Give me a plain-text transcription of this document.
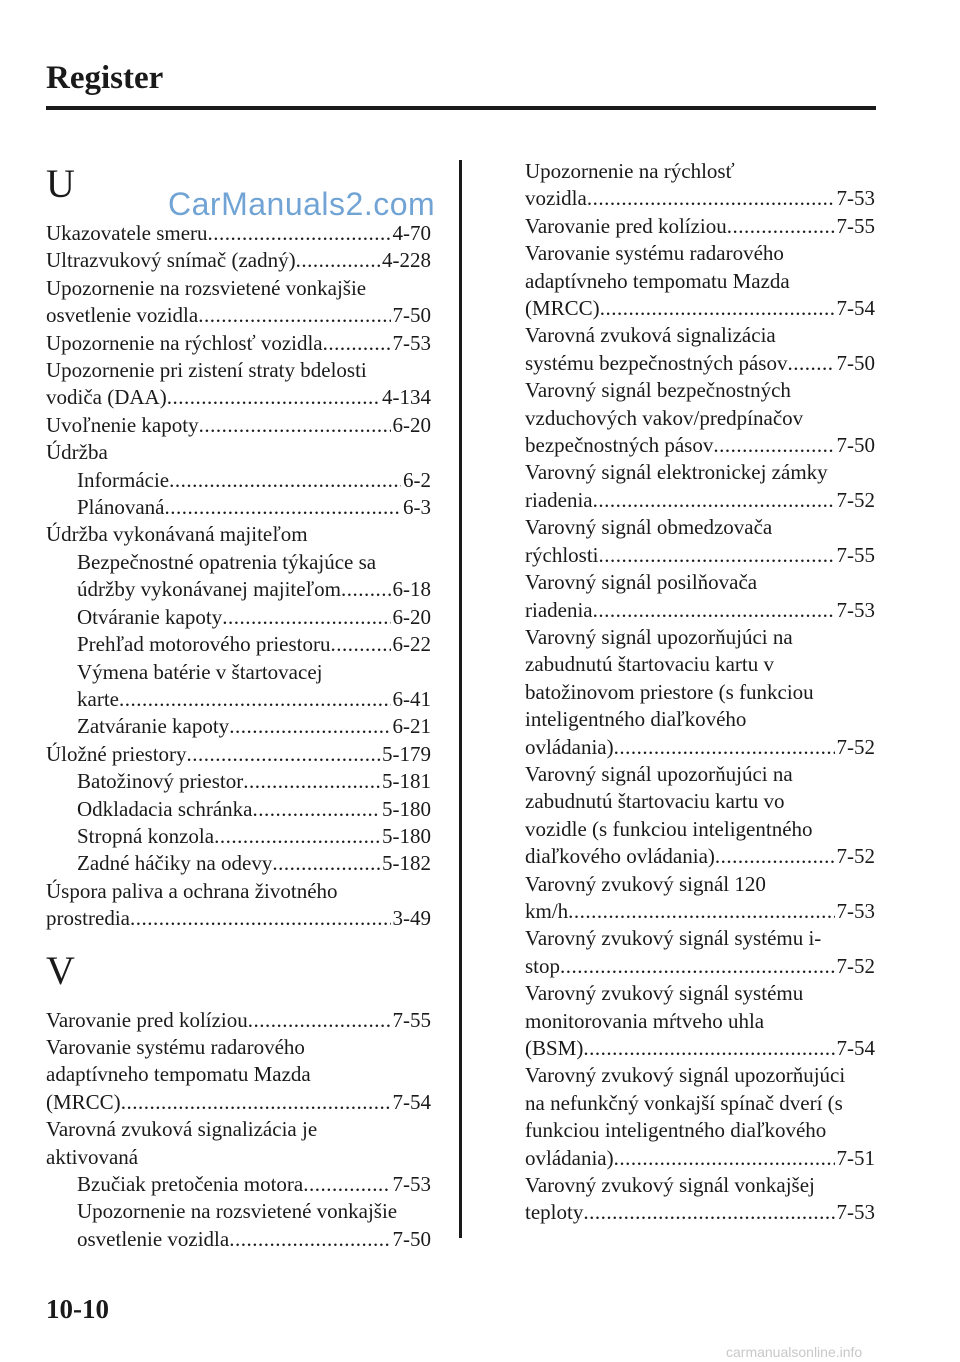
Register
U
Ukazovatele smeru .....	4-70
Ultrazvukový snímač (zadný) .....	4-228
Upozornenie na rozsvietené vonkajšie
osvetlenie vozidla .....	7-50
Upozornenie na rýchlosť vozidla .....	7-53
Upozornenie pri zistení straty bdelosti
vodiča (DAA) .....	4-134
Uvoľnenie kapoty .....	6-20
Údržba
Informácie .....	6-2
Plánovaná .....	6-3
Údržba vykonávaná majiteľom
Bezpečnostné opatrenia týkajúce sa
údržby vykonávanej majiteľom ..... 6-18
Otváranie kapoty .....	6-20
Prehľad motorového priestoru .....	6-22
Výmena batérie v štartovacej
karte .....	6-41
Zatváranie kapoty .....	6-21
Úložné priestory .....	5-179
Batožinový priestor .....	5-181
Odkladacia schránka .....	5-180
Stropná konzola .....	5-180
Zadné háčiky na odevy .....	5-182
Úspora paliva a ochrana životného
prostredia .....	3-49
V
Varovanie pred kolíziou .....	7-55
Varovanie systému radarového
adaptívneho tempomatu Mazda
(MRCC) .....	7-54
Varovná zvuková signalizácia je
aktivovaná
Bzučiak pretočenia motora .....	7-53
Upozornenie na rozsvietené vonkajšie
osvetlenie vozidla .....	7-50
Upozornenie na rýchlosť
vozidla .....	7-53
Varovanie pred kolíziou .....	7-55
Varovanie systému radarového
adaptívneho tempomatu Mazda
(MRCC) .....	7-54
Varovná zvuková signalizácia
systému bezpečnostných pásov ..... 7-50
Varovný signál bezpečnostných
vzduchových vakov/predpínačov
bezpečnostných pásov .....	7-50
Varovný signál elektronickej zámky
riadenia .....	7-52
Varovný signál obmedzovača
rýchlosti .....	7-55
Varovný signál posilňovača
riadenia .....	7-53
Varovný signál upozorňujúci na
zabudnutú štartovaciu kartu v
batožinovom priestore (s funkciou
inteligentného diaľkového
ovládania) .....	7-52
Varovný signál upozorňujúci na
zabudnutú štartovaciu kartu vo
vozidle (s funkciou inteligentného
diaľkového ovládania) .....	7-52
Varovný zvukový signál 120
km/h .....	7-53
Varovný zvukový signál systému i-
stop .....	7-52
Varovný zvukový signál systému
monitorovania mŕtveho uhla
(BSM) .....	7-54
Varovný zvukový signál upozorňujúci
na nefunkčný vonkajší spínač dverí (s
funkciou inteligentného diaľkového
ovládania) .....	7-51
Varovný zvukový signál vonkajšej
teploty .....	7-53
CarManuals2.com
10-10
carmanualsonline.info
